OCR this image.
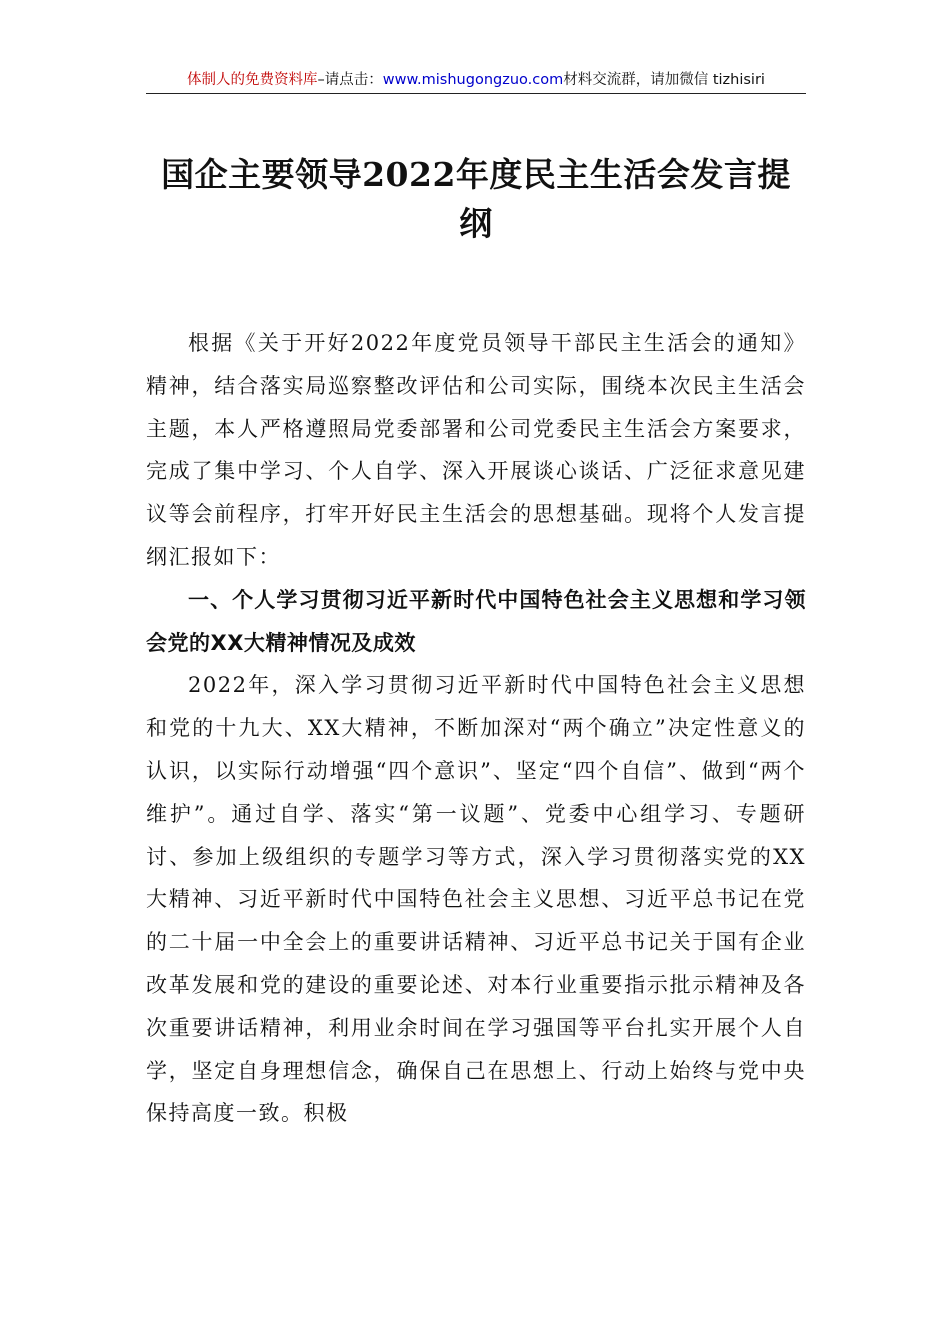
体制人的免费资料库–请点击：www.mishugongzuo.com材料交流群，请加微信 tizhisiri
国企主要领导2022年度民主生活会发言提纲

根据《关于开好2022年度党员领导干部民主生活会的通知》精神，结合落实局巡察整改评估和公司实际，围绕本次民主生活会主题，本人严格遵照局党委部署和公司党委民主生活会方案要求，完成了集中学习、个人自学、深入开展谈心谈话、广泛征求意见建议等会前程序，打牢开好民主生活会的思想基础。现将个人发言提纲汇报如下：

一、个人学习贯彻习近平新时代中国特色社会主义思想和学习领会党的XX大精神情况及成效

2022年，深入学习贯彻习近平新时代中国特色社会主义思想和党的十九大、XX大精神，不断加深对“两个确立”决定性意义的认识，以实际行动增强“四个意识”、坚定“四个自信”、做到“两个维护”。通过自学、落实“第一议题”、党委中心组学习、专题研讨、参加上级组织的专题学习等方式，深入学习贯彻落实党的XX大精神、习近平新时代中国特色社会主义思想、习近平总书记在党的二十届一中全会上的重要讲话精神、习近平总书记关于国有企业改革发展和党的建设的重要论述、对本行业重要指示批示精神及各次重要讲话精神，利用业余时间在学习强国等平台扎实开展个人自学，坚定自身理想信念，确保自己在思想上、行动上始终与党中央保持高度一致。积极
